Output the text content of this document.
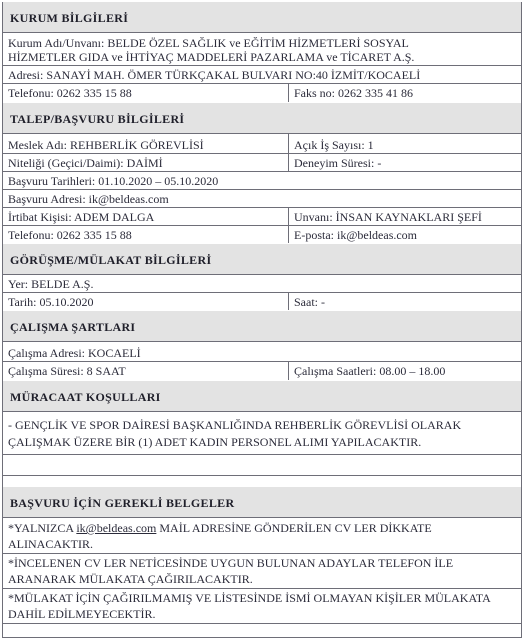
KURUM BİLGİLERİ
Kurum Adı/Unvanı: BELDE ÖZEL SAĞLIK ve EĞİTİM HİZMETLERİ SOSYAL
HİZMETLER GIDA ve İHTİYAÇ MADDELERİ PAZARLAMA ve TİCARET A.Ş.
Adresi: SANAYİ MAH. ÖMER TÜRKÇAKAL BULVARI NO:40 İZMİT/KOCAELİ
Telefonu: 0262 335 15 88	Faks no: 0262 335 41 86
TALEP/BAŞVURU BİLGİLERİ
Meslek Adı: REHBERLİK GÖREVLİSİ	Açık İş Sayısı: 1
Niteliği (Geçici/Daimi): DAİMİ	Deneyim Süresi: -
Başvuru Tarihleri: 01.10.2020 – 05.10.2020
Başvuru Adresi: ik@beldeas.com
İrtibat Kişisi: ADEM DALGA	Unvanı: İNSAN KAYNAKLARI ŞEFİ
Telefonu: 0262 335 15 88	E-posta: ik@beldeas.com
GÖRÜŞME/MÜLAKAT BİLGİLERİ
Yer: BELDE A.Ş.
Tarih: 05.10.2020	Saat: -
ÇALIŞMA ŞARTLARI
Çalışma Adresi: KOCAELİ
Çalışma Süresi: 8 SAAT	Çalışma Saatleri: 08.00 – 18.00
MÜRACAAT KOŞULLARI
- GENÇLİK VE SPOR DAİRESİ BAŞKANLIĞINDA REHBERLİK GÖREVLİSİ OLARAK
ÇALIŞMAK ÜZERE BİR (1) ADET KADIN PERSONEL ALIMI YAPILACAKTIR.
BAŞVURU İÇİN GEREKLİ BELGELER
*YALNIZCA ik@beldeas.com MAİL ADRESİNE GÖNDERİLEN CV LER DİKKATE
ALINACAKTIR.
*İNCELENEN CV LER NETİCESİNDE UYGUN BULUNAN ADAYLAR TELEFON İLE
ARANARAK MÜLAKATA ÇAĞIRILACAKTIR.
*MÜLAKAT İÇİN ÇAĞIRILMAMIŞ VE LİSTESİNDE İSMİ OLMAYAN KİŞİLER MÜLAKATA
DAHİL EDİLMEYECEKTİR.
